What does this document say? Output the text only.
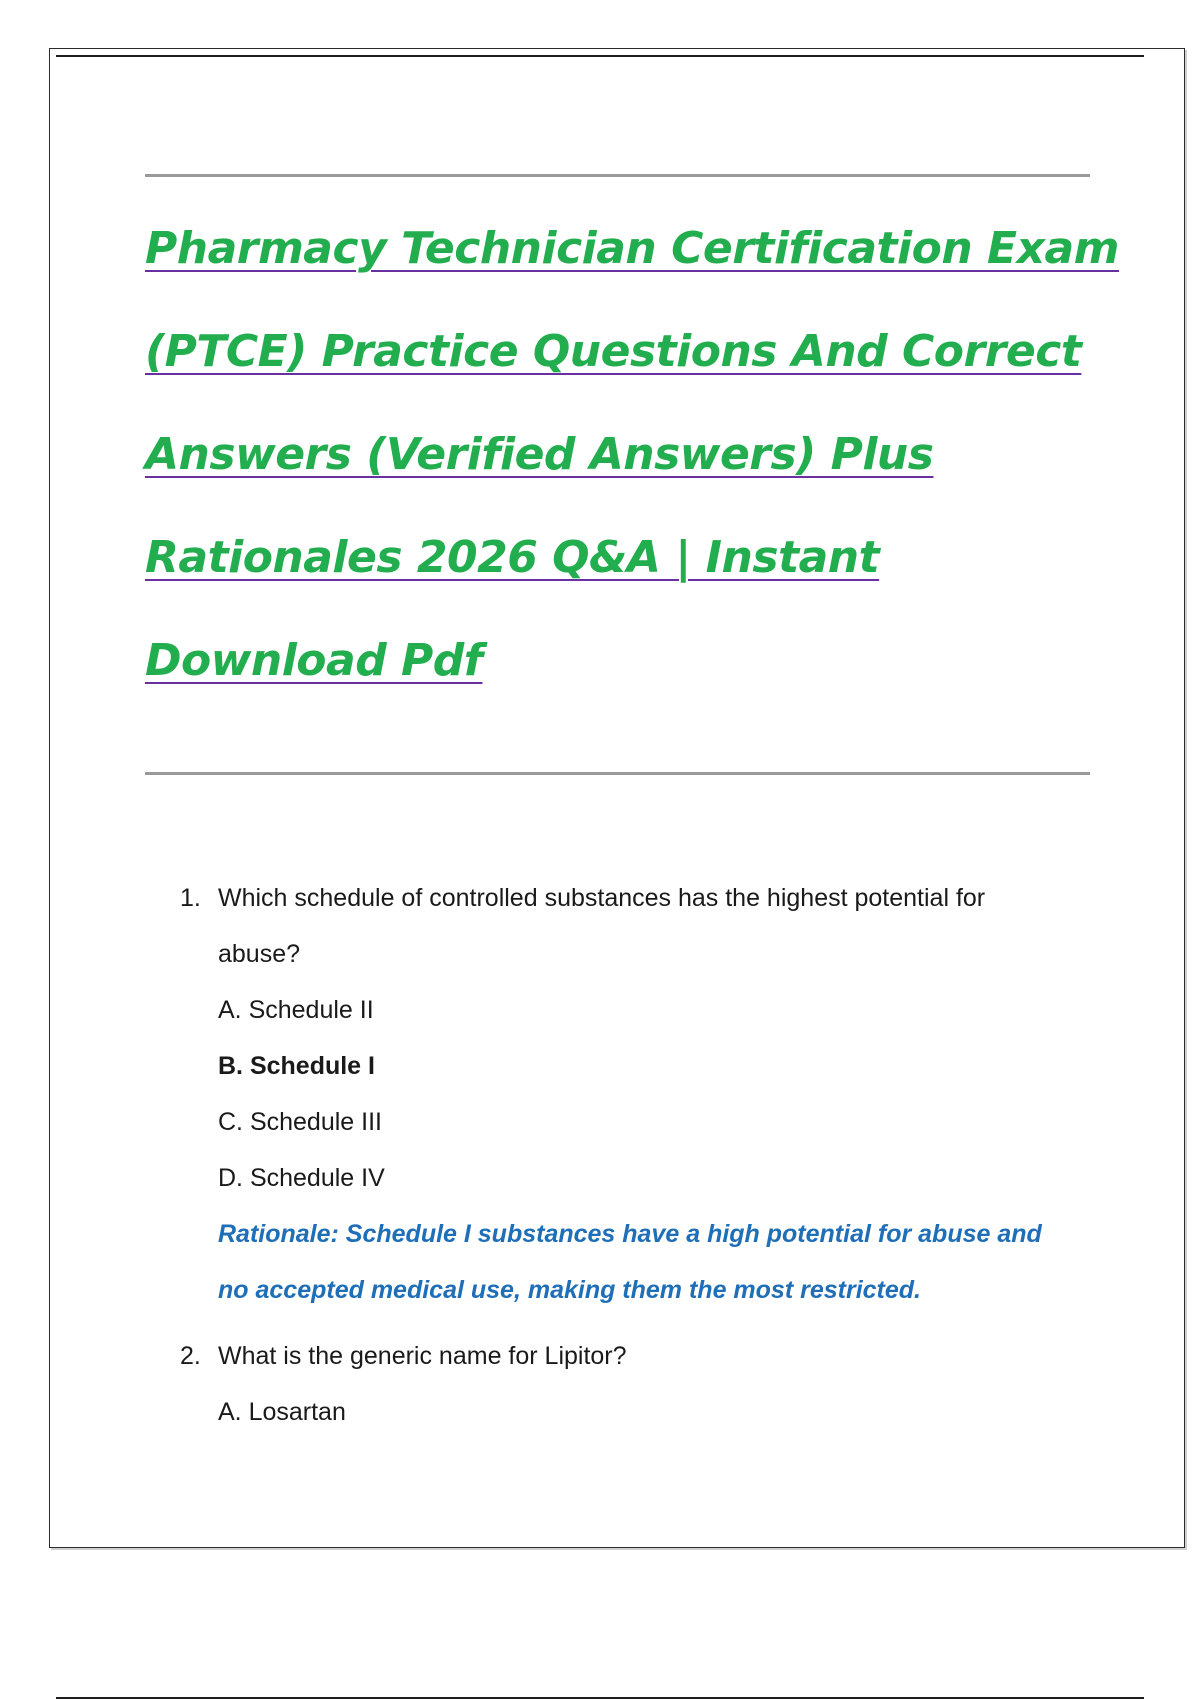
Pharmacy Technician Certification Exam
(PTCE) Practice Questions And Correct
Answers (Verified Answers) Plus
Rationales 2026 Q&A | Instant
Download Pdf
1. Which schedule of controlled substances has the highest potential for
abuse?
A. Schedule II
B. Schedule I
C. Schedule III
D. Schedule IV
Rationale: Schedule I substances have a high potential for abuse and
no accepted medical use, making them the most restricted.
2. What is the generic name for Lipitor?
A. Losartan
